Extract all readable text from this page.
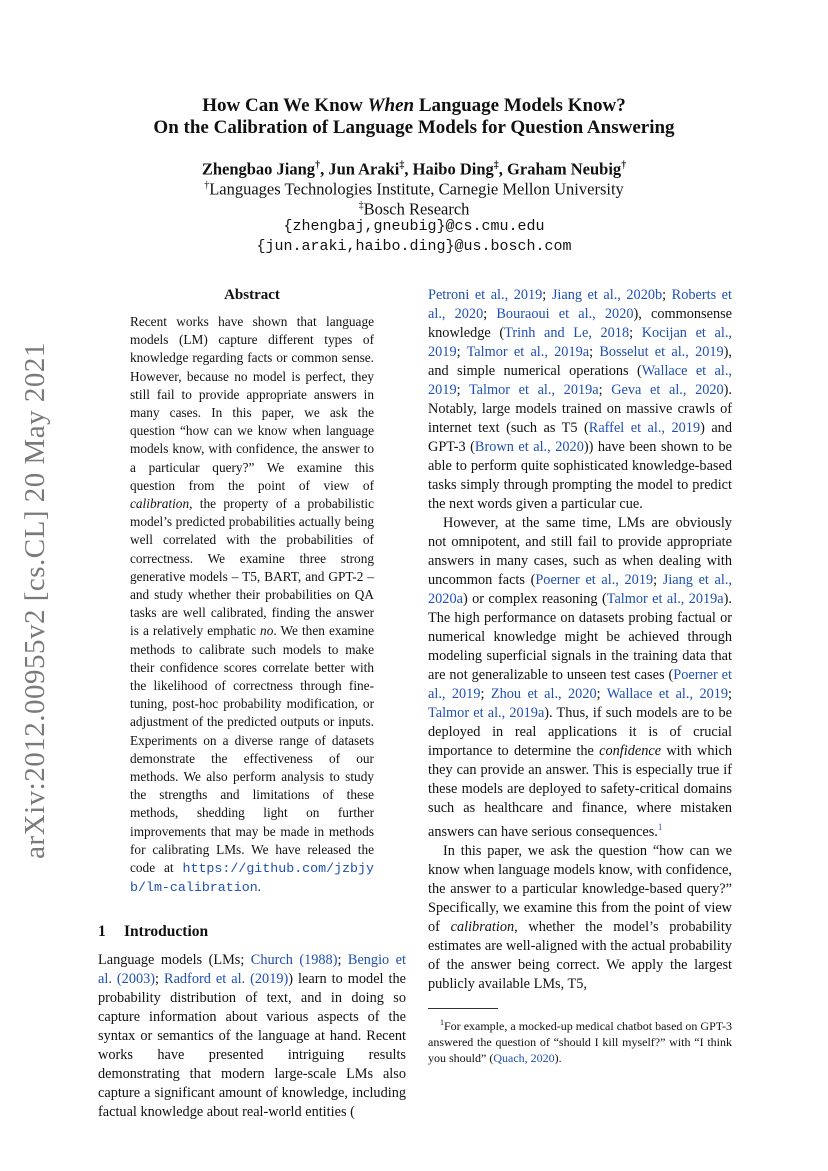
arXiv:2012.00955v2 [cs.CL] 20 May 2021
How Can We Know When Language Models Know?
On the Calibration of Language Models for Question Answering
Zhengbao Jiang†, Jun Araki‡, Haibo Ding‡, Graham Neubig†
†Languages Technologies Institute, Carnegie Mellon University
‡Bosch Research
{zhengbaj,gneubig}@cs.cmu.edu
{jun.araki,haibo.ding}@us.bosch.com
Abstract
Recent works have shown that language models (LM) capture different types of knowledge regarding facts or common sense. However, because no model is perfect, they still fail to provide appropriate answers in many cases. In this paper, we ask the question “how can we know when language models know, with confidence, the answer to a particular query?” We examine this question from the point of view of calibration, the property of a probabilistic model’s predicted probabilities actually being well correlated with the probabilities of correctness. We examine three strong generative models – T5, BART, and GPT-2 – and study whether their probabilities on QA tasks are well calibrated, finding the answer is a relatively emphatic no. We then examine methods to calibrate such models to make their confidence scores correlate better with the likelihood of correctness through fine-tuning, post-hoc probability modification, or adjustment of the predicted outputs or inputs. Experiments on a diverse range of datasets demonstrate the effectiveness of our methods. We also perform analysis to study the strengths and limitations of these methods, shedding light on further improvements that may be made in methods for calibrating LMs. We have released the code at https://github.com/jzbjyb/lm-calibration.
1 Introduction

Language models (LMs; Church (1988); Bengio et al. (2003); Radford et al. (2019)) learn to model the probability distribution of text, and in doing so capture information about various aspects of the syntax or semantics of the language at hand. Recent works have presented intriguing results demonstrating that modern large-scale LMs also capture a significant amount of knowledge, including factual knowledge about real-world entities (

Petroni et al., 2019; Jiang et al., 2020b; Roberts et al., 2020; Bouraoui et al., 2020), commonsense knowledge (Trinh and Le, 2018; Kocijan et al., 2019; Talmor et al., 2019a; Bosselut et al., 2019), and simple numerical operations (Wallace et al., 2019; Talmor et al., 2019a; Geva et al., 2020). Notably, large models trained on massive crawls of internet text (such as T5 (Raffel et al., 2019) and GPT-3 (Brown et al., 2020)) have been shown to be able to perform quite sophisticated knowledge-based tasks simply through prompting the model to predict the next words given a particular cue.

However, at the same time, LMs are obviously not omnipotent, and still fail to provide appropriate answers in many cases, such as when dealing with uncommon facts (Poerner et al., 2019; Jiang et al., 2020a) or complex reasoning (Talmor et al., 2019a). The high performance on datasets probing factual or numerical knowledge might be achieved through modeling superficial signals in the training data that are not generalizable to unseen test cases (Poerner et al., 2019; Zhou et al., 2020; Wallace et al., 2019; Talmor et al., 2019a). Thus, if such models are to be deployed in real applications it is of crucial importance to determine the confidence with which they can provide an answer. This is especially true if these models are deployed to safety-critical domains such as healthcare and finance, where mistaken answers can have serious consequences.$^1$

In this paper, we ask the question “how can we know when language models know, with confidence, the answer to a particular knowledge-based query?” Specifically, we examine this from the point of view of calibration, whether the model’s probability estimates are well-aligned with the actual probability of the answer being correct. We apply the largest publicly available LMs, T5,

$^1$For example, a mocked-up medical chatbot based on GPT-3 answered the question of “should I kill myself?” with “I think you should” (Quach, 2020).
